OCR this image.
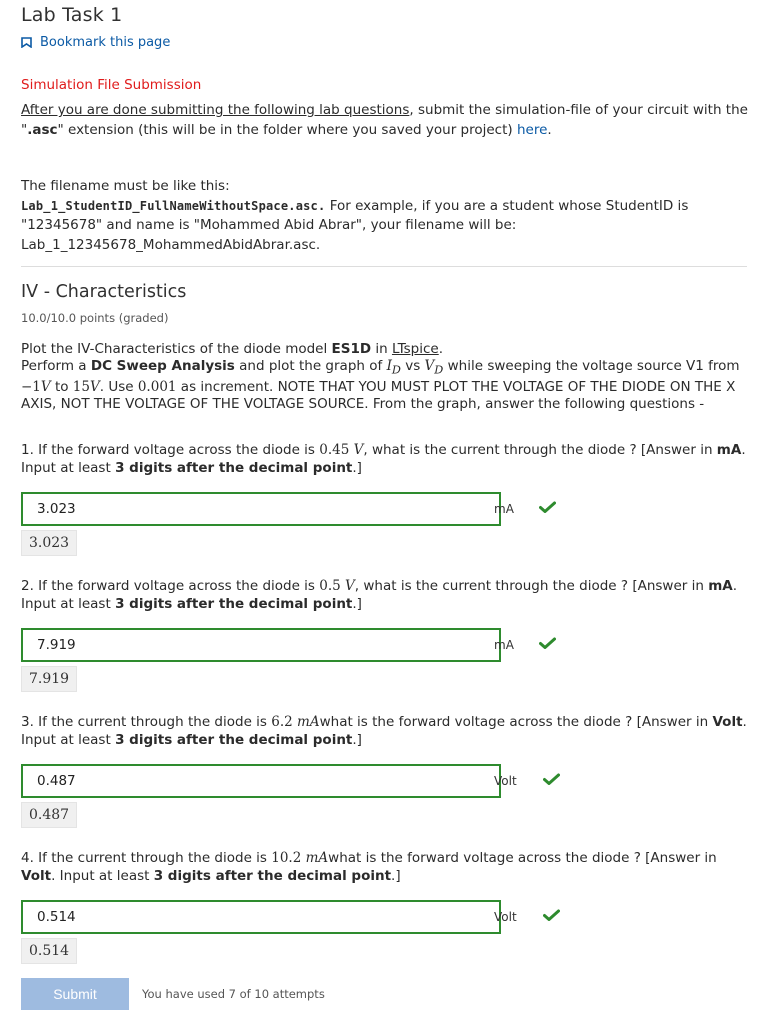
Lab Task 1
Bookmark this page
Simulation File Submission
After you are done submitting the following lab questions, submit the simulation-file of your circuit with the ".asc" extension (this will be in the folder where you saved your project) here.
The filename must be like this:
Lab_1_StudentID_FullNameWithoutSpace.asc. For example, if you are a student whose StudentID is "12345678" and name is "Mohammed Abid Abrar", your filename will be: Lab_1_12345678_MohammedAbidAbrar.asc.
IV - Characteristics
10.0/10.0 points (graded)
Plot the IV-Characteristics of the diode model ES1D in LTspice.
Perform a DC Sweep Analysis and plot the graph of $I_D$ vs $V_D$ while sweeping the voltage source V1 from −1V to 15V. Use 0.001 as increment. NOTE THAT YOU MUST PLOT THE VOLTAGE OF THE DIODE ON THE X AXIS, NOT THE VOLTAGE OF THE VOLTAGE SOURCE. From the graph, answer the following questions -
1. If the forward voltage across the diode is 0.45 V, what is the current through the diode ? [Answer in mA. Input at least 3 digits after the decimal point.]
3.023
mA
3.023
2. If the forward voltage across the diode is 0.5 V, what is the current through the diode ? [Answer in mA. Input at least 3 digits after the decimal point.]
7.919
mA
7.919
3. If the current through the diode is 6.2 mAwhat is the forward voltage across the diode ? [Answer in Volt. Input at least 3 digits after the decimal point.]
0.487
Volt
0.487
4. If the current through the diode is 10.2 mAwhat is the forward voltage across the diode ? [Answer in Volt. Input at least 3 digits after the decimal point.]
0.514
Volt
0.514
Submit	You have used 7 of 10 attempts
